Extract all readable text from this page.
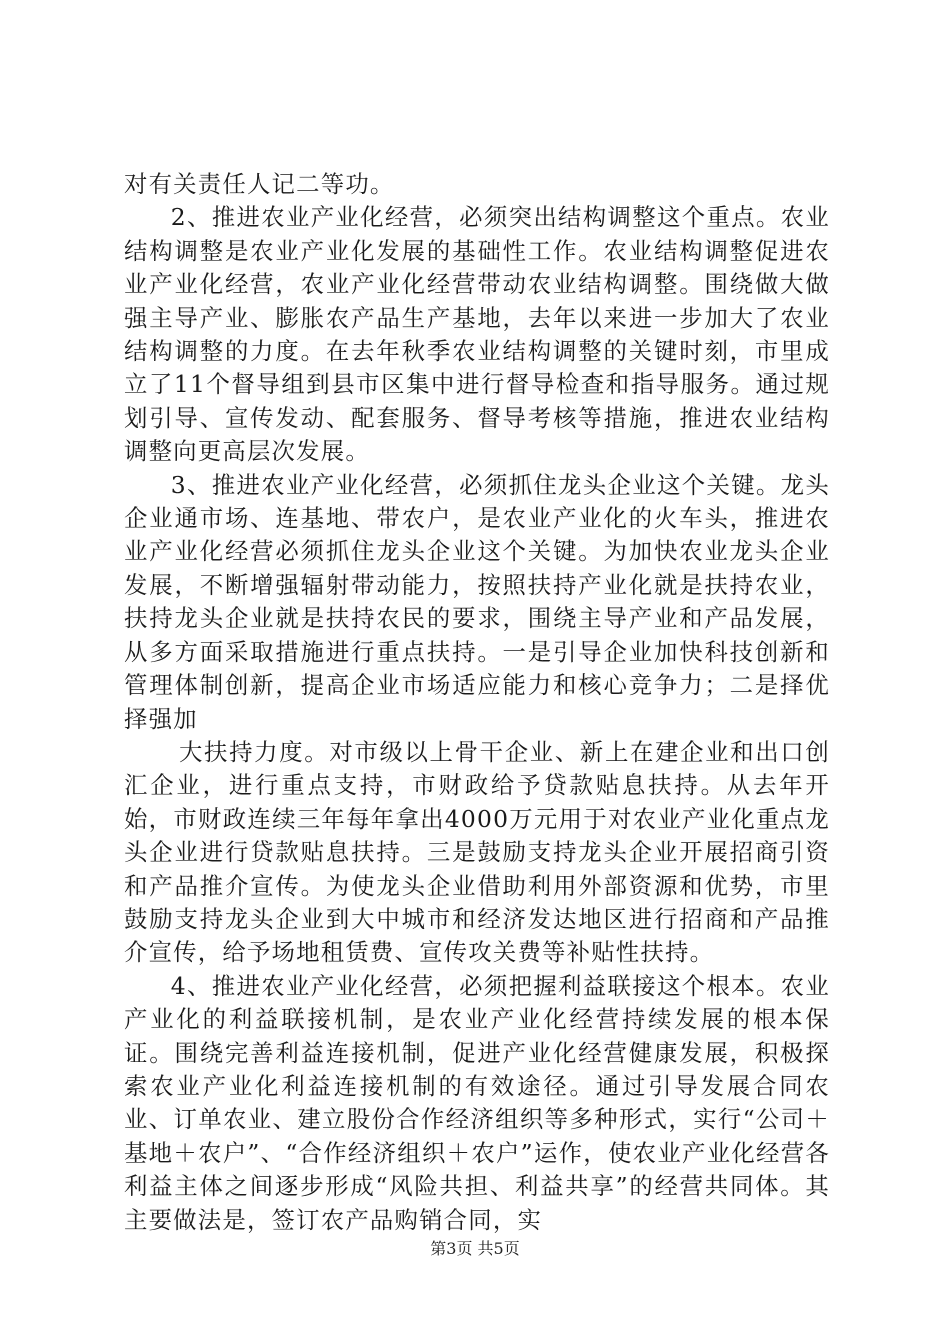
对有关责任人记二等功。

2、推进农业产业化经营，必须突出结构调整这个重点。农业结构调整是农业产业化发展的基础性工作。农业结构调整促进农业产业化经营，农业产业化经营带动农业结构调整。围绕做大做强主导产业、膨胀农产品生产基地，去年以来进一步加大了农业结构调整的力度。在去年秋季农业结构调整的关键时刻，市里成立了11个督导组到县市区集中进行督导检查和指导服务。通过规划引导、宣传发动、配套服务、督导考核等措施，推进农业结构调整向更高层次发展。

3、推进农业产业化经营，必须抓住龙头企业这个关键。龙头企业通市场、连基地、带农户，是农业产业化的火车头，推进农业产业化经营必须抓住龙头企业这个关键。为加快农业龙头企业发展，不断增强辐射带动能力，按照扶持产业化就是扶持农业，扶持龙头企业就是扶持农民的要求，围绕主导产业和产品发展，从多方面采取措施进行重点扶持。一是引导企业加快科技创新和管理体制创新，提高企业市场适应能力和核心竞争力；二是择优择强加

大扶持力度。对市级以上骨干企业、新上在建企业和出口创汇企业，进行重点支持，市财政给予贷款贴息扶持。从去年开始，市财政连续三年每年拿出4000万元用于对农业产业化重点龙头企业进行贷款贴息扶持。三是鼓励支持龙头企业开展招商引资和产品推介宣传。为使龙头企业借助利用外部资源和优势，市里鼓励支持龙头企业到大中城市和经济发达地区进行招商和产品推介宣传，给予场地租赁费、宣传攻关费等补贴性扶持。

4、推进农业产业化经营，必须把握利益联接这个根本。农业产业化的利益联接机制，是农业产业化经营持续发展的根本保证。围绕完善利益连接机制，促进产业化经营健康发展，积极探索农业产业化利益连接机制的有效途径。通过引导发展合同农业、订单农业、建立股份合作经济组织等多种形式，实行“公司＋基地＋农户”、“合作经济组织＋农户”运作，使农业产业化经营各利益主体之间逐步形成“风险共担、利益共享”的经营共同体。其主要做法是，签订农产品购销合同，实

第3页 共5页
